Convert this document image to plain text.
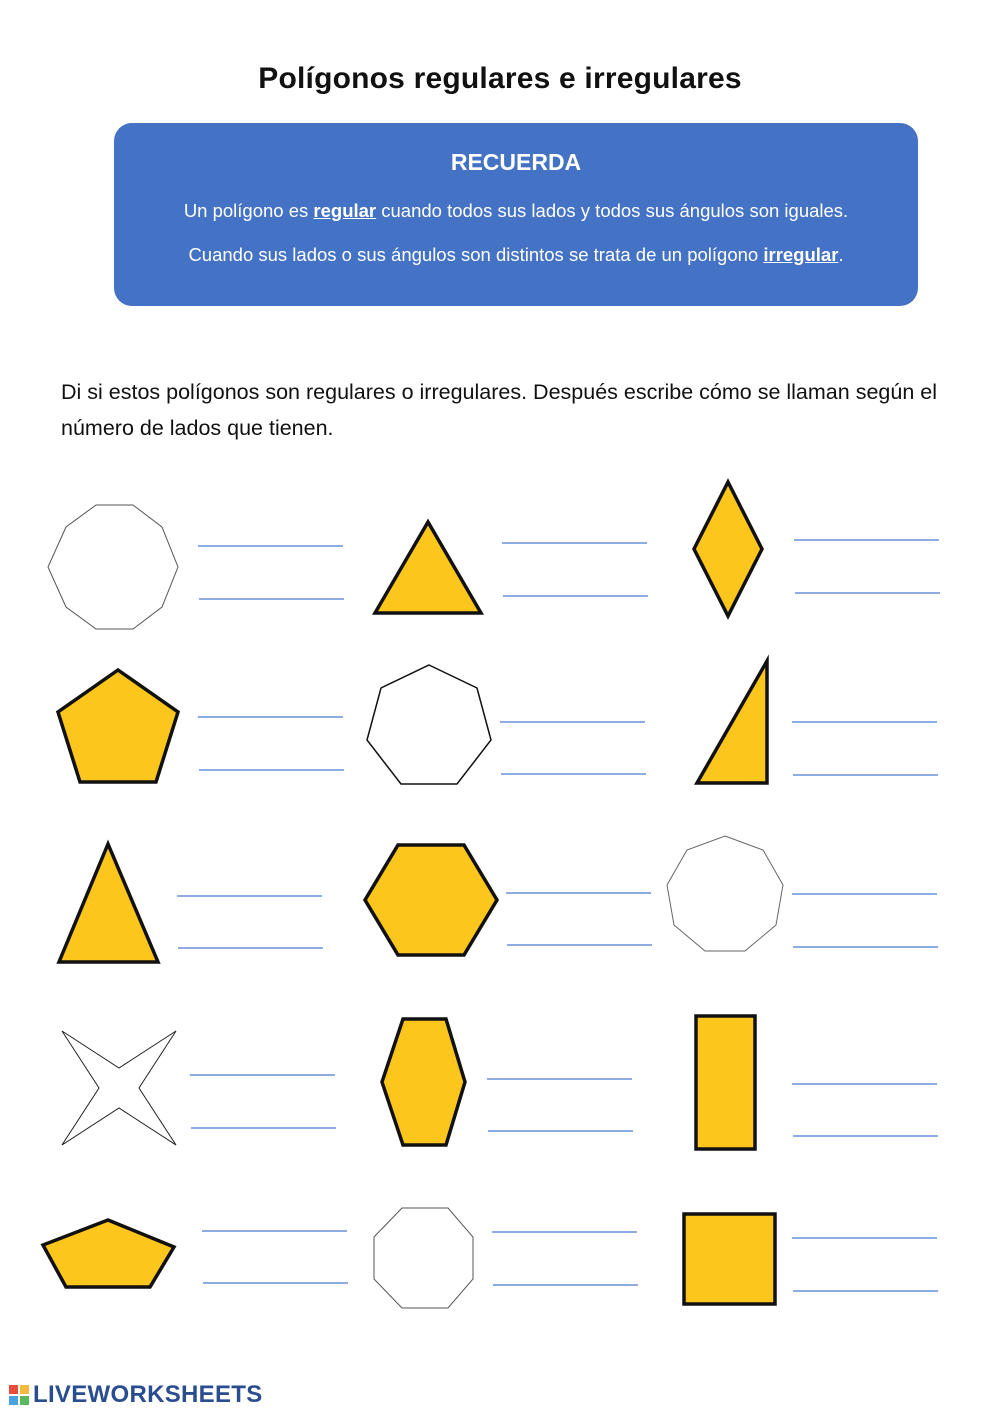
Polígonos regulares e irregulares
RECUERDA
Un polígono es regular cuando todos sus lados y todos sus ángulos son iguales.
Cuando sus lados o sus ángulos son distintos se trata de un polígono irregular.
Di si estos polígonos son regulares o irregulares. Después escribe cómo se llaman según el número de lados que tienen.
LIVEWORKSHEETS
